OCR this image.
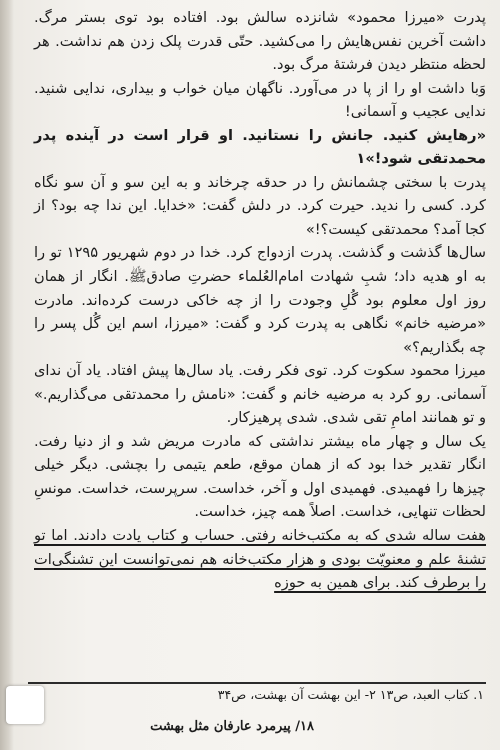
پدرت «میرزا محمود» شانزده سالش بود. افتاده بود توی بستر مرگ. داشت آخرین نفس‌هایش را می‌کشید. حتّی قدرت پلک زدن هم نداشت. هر لحظه منتظر دیدن فرشتهٔ مرگ بود.

وَبا داشت او را از پا در می‌آورد. ناگهان میان خواب و بیداری، ندایی شنید. ندایی عجیب و آسمانی!

«رهایش کنید. جانش را نستانید. او قرار است در آینده پدر محمدتقی شود!»۱

پدرت با سختی چشمانش را در حدقه چرخاند و به این سو و آن سو نگاه کرد. کسی را ندید. حیرت کرد. در دلش گفت: «خدایا. این ندا چه بود؟ از کجا آمد؟ محمدتقی کیست؟!»

سال‌ها گذشت و گذشت. پدرت ازدواج کرد. خدا در دوم شهریور ۱۲۹۵ تو را به او هدیه داد؛ شبِ شهادت امام‌العُلماء حضرتِ صادقﷺ. انگار از همان روز اول معلوم بود گُلِ وجودت را از چه خاکی درست کرده‌اند. مادرت «مرضیه خانم» نگاهی به پدرت کرد و گفت: «میرزا، اسم این گُل پسر را چه بگذاریم؟»

میرزا محمود سکوت کرد. توی فکر رفت. یاد سال‌ها پیش افتاد. یاد آن ندای آسمانی. رو کرد به مرضیه خانم و گفت: «نامش را محمدتقی می‌گذاریم.» و تو همانند امامِ تقی شدی. شدی پرهیزکار.

یک سال و چهار ماه بیشتر نداشتی که مادرت مریض شد و از دنیا رفت. انگار تقدیر خدا بود که از همان موقع، طعم یتیمی را بچشی. دیگر خیلی چیزها را فهمیدی. فهمیدی اول و آخر، خداست. سرپرست، خداست. مونسِ لحظات تنهایی، خداست. اصلاً همه چیز، خداست.

هفت ساله شدی که به مکتب‌خانه رفتی. حساب و کتاب یادت دادند. اما تو تشنهٔ علم و معنویّت بودی و هزار مکتب‌خانه هم نمی‌توانست این تشنگی‌ات را برطرف کند. برای همین به حوزه

۱. کتاب العبد، ص۱۳ ۲- این بهشت آن بهشت، ص۳۴
۱۸/ پیرمرد عارفان مثل بهشت
